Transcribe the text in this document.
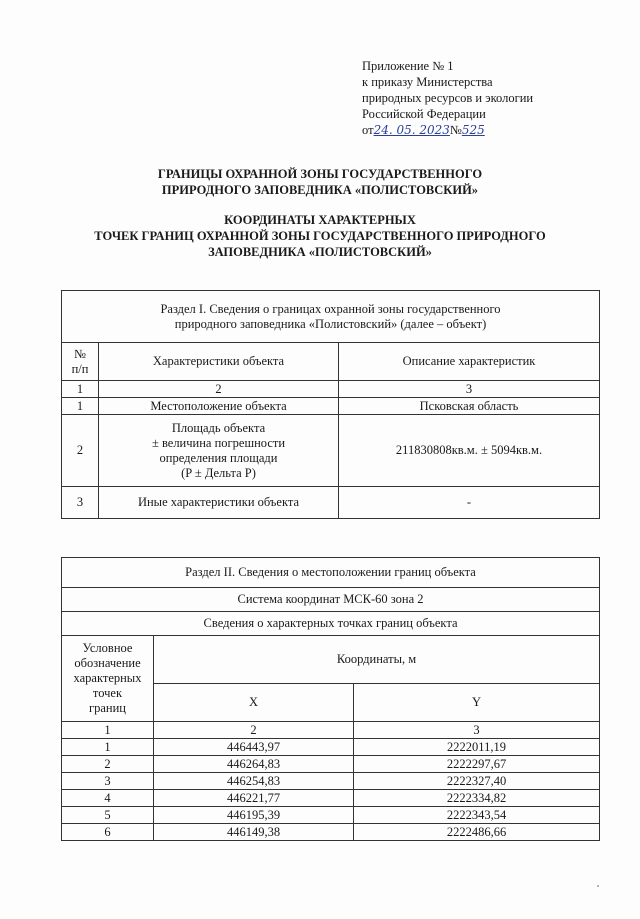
Приложение № 1
к приказу Министерства
природных ресурсов и экологии
Российской Федерации
от24. 05. 2023№525
ГРАНИЦЫ ОХРАННОЙ ЗОНЫ ГОСУДАРСТВЕННОГО
ПРИРОДНОГО ЗАПОВЕДНИКА «ПОЛИСТОВСКИЙ»
КООРДИНАТЫ ХАРАКТЕРНЫХ
ТОЧЕК ГРАНИЦ ОХРАННОЙ ЗОНЫ ГОСУДАРСТВЕННОГО ПРИРОДНОГО
ЗАПОВЕДНИКА «ПОЛИСТОВСКИЙ»
Раздел I. Сведения о границах охранной зоны государственного
природного заповедника «Полистовский» (далее – объект)		

№
п/п	Характеристики объекта	Описание характеристик
1	2	3
1	Местоположение объекта	Псковская область
2	Площадь объекта
± величина погрешности
определения площади
(P ± Дельта P)	211830808кв.м. ± 5094кв.м.
3	Иные характеристики объекта	-
Раздел II. Сведения о местоположении границ объекта		
Система координат МСК-60 зона 2		
Сведения о характерных точках границ объекта		

Условное
обозначение
характерных
точек
границ	Координаты, м	
	X	Y
1	2	3
1	446443,97	2222011,19
2	446264,83	2222297,67
3	446254,83	2222327,40
4	446221,77	2222334,82
5	446195,39	2222343,54
6	446149,38	2222486,66
